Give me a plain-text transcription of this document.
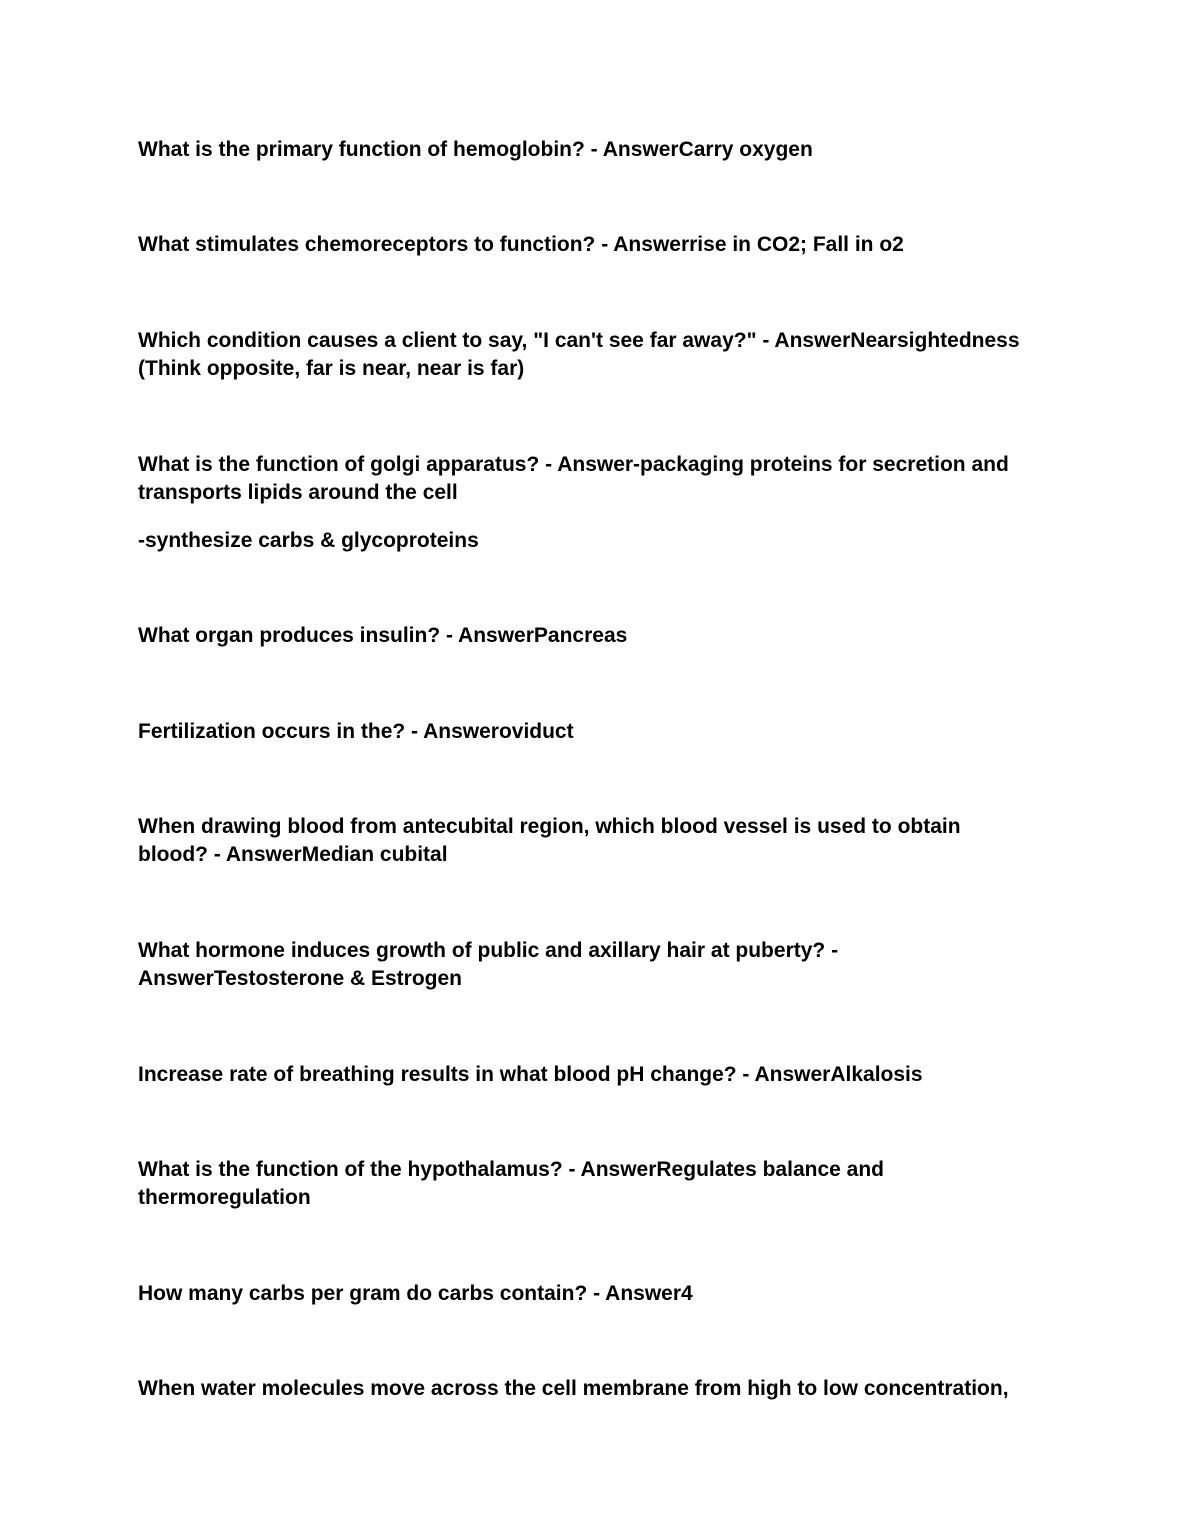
What is the primary function of hemoglobin? - AnswerCarry oxygen

What stimulates chemoreceptors to function? - Answerrise in CO2; Fall in o2

Which condition causes a client to say, "I can't see far away?" - AnswerNearsightedness (Think opposite, far is near, near is far)

What is the function of golgi apparatus? - Answer-packaging proteins for secretion and transports lipids around the cell

-synthesize carbs & glycoproteins

What organ produces insulin? - AnswerPancreas

Fertilization occurs in the? - Answeroviduct

When drawing blood from antecubital region, which blood vessel is used to obtain blood? - AnswerMedian cubital

What hormone induces growth of public and axillary hair at puberty? - AnswerTestosterone & Estrogen

Increase rate of breathing results in what blood pH change? - AnswerAlkalosis

What is the function of the hypothalamus? - AnswerRegulates balance and thermoregulation

How many carbs per gram do carbs contain? - Answer4

When water molecules move across the cell membrane from high to low concentration,
